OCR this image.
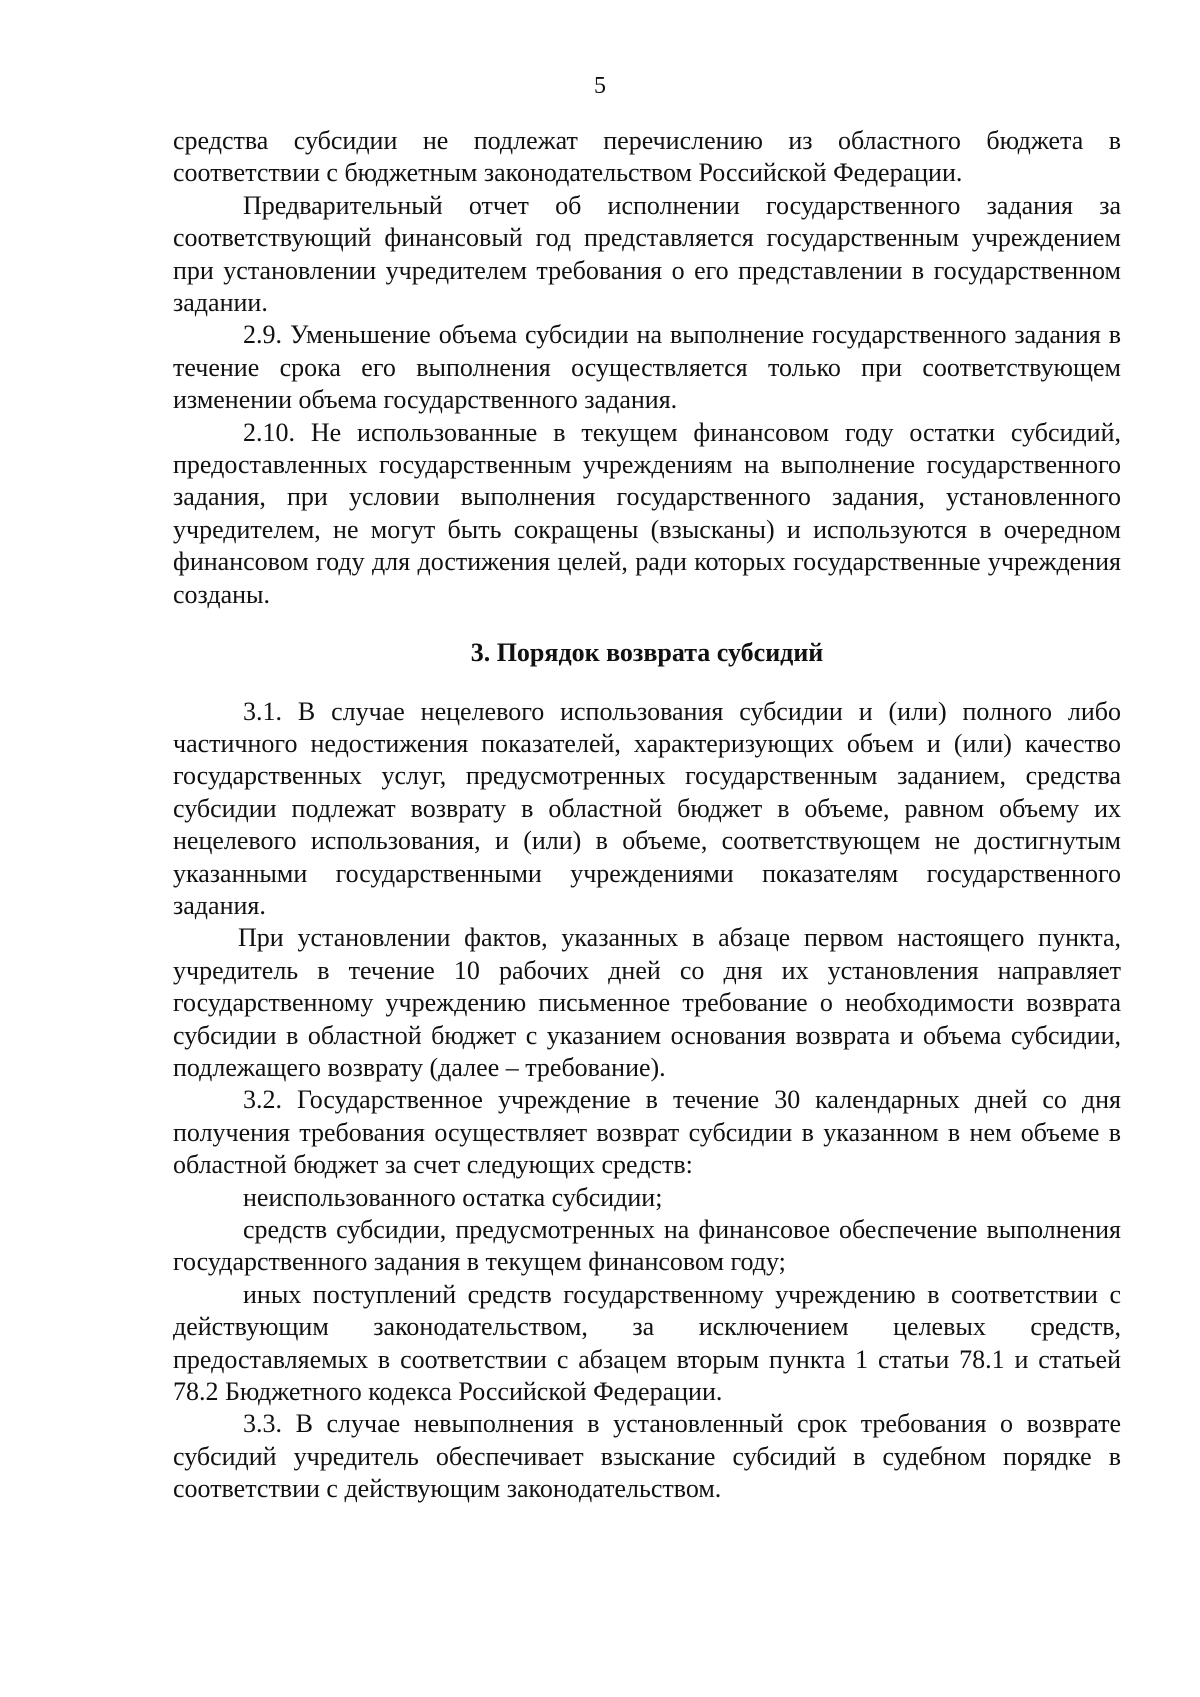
5

средства субсидии не подлежат перечислению из областного бюджета в соответствии с бюджетным законодательством Российской Федерации.

Предварительный отчет об исполнении государственного задания за соответствующий финансовый год представляется государственным учреждением при установлении учредителем требования о его представлении в государственном задании.

2.9. Уменьшение объема субсидии на выполнение государственного задания в течение срока его выполнения осуществляется только при соответствующем изменении объема государственного задания.

2.10. Не использованные в текущем финансовом году остатки субсидий, предоставленных государственным учреждениям на выполнение государственного задания, при условии выполнения государственного задания, установленного учредителем, не могут быть сокращены (взысканы) и используются в очередном финансовом году для достижения целей, ради которых государственные учреждения созданы.

3. Порядок возврата субсидий

3.1. В случае нецелевого использования субсидии и (или) полного либо частичного недостижения показателей, характеризующих объем и (или) качество государственных услуг, предусмотренных государственным заданием, средства субсидии подлежат возврату в областной бюджет в объеме, равном объему их нецелевого использования, и (или) в объеме, соответствующем не достигнутым указанными государственными учреждениями показателям государственного задания.

При установлении фактов, указанных в абзаце первом настоящего пункта, учредитель в течение 10 рабочих дней со дня их установления направляет государственному учреждению письменное требование о необходимости возврата субсидии в областной бюджет с указанием основания возврата и объема субсидии, подлежащего возврату (далее – требование).

3.2. Государственное учреждение в течение 30 календарных дней со дня получения требования осуществляет возврат субсидии в указанном в нем объеме в областной бюджет за счет следующих средств:

неиспользованного остатка субсидии;

средств субсидии, предусмотренных на финансовое обеспечение выполнения государственного задания в текущем финансовом году;

иных поступлений средств государственному учреждению в соответствии с действующим законодательством, за исключением целевых средств, предоставляемых в соответствии с абзацем вторым пункта 1 статьи 78.1 и статьей 78.2 Бюджетного кодекса Российской Федерации.

3.3. В случае невыполнения в установленный срок требования о возврате субсидий учредитель обеспечивает взыскание субсидий в судебном порядке в соответствии с действующим законодательством.
